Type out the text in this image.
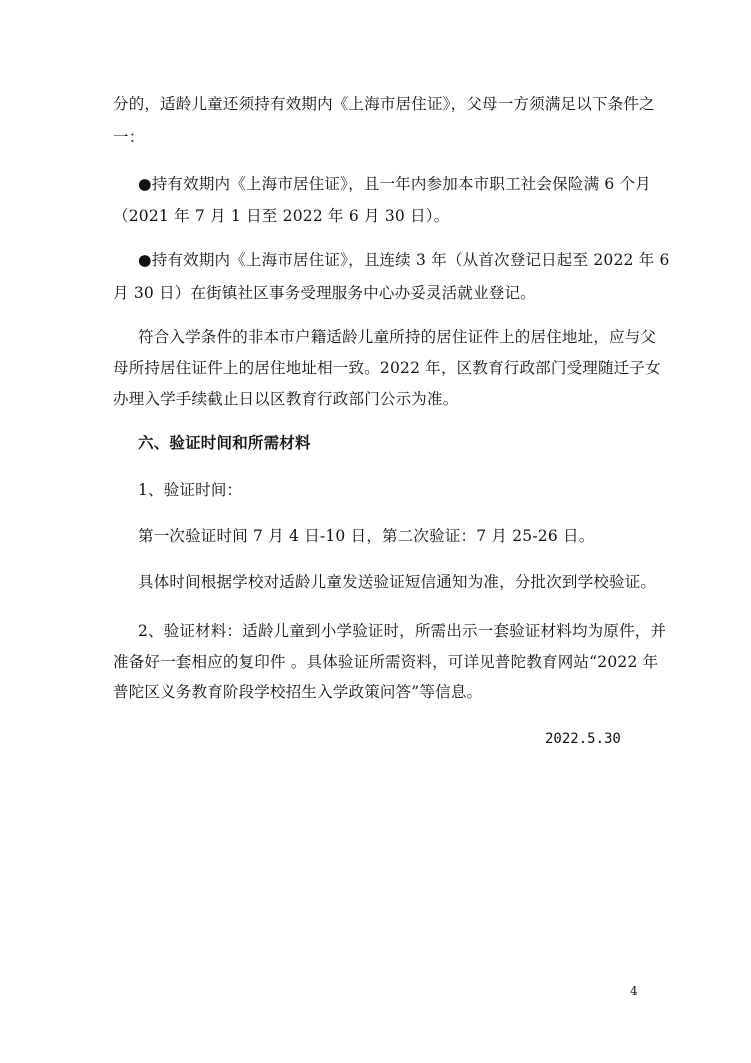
分的，适龄儿童还须持有效期内《上海市居住证》，父母一方须满足以下条件之
一：
●持有效期内《上海市居住证》，且一年内参加本市职工社会保险满 6 个月
（2021 年 7 月 1 日至 2022 年 6 月 30 日）。
●持有效期内《上海市居住证》，且连续 3 年（从首次登记日起至 2022 年 6
月 30 日）在街镇社区事务受理服务中心办妥灵活就业登记。
符合入学条件的非本市户籍适龄儿童所持的居住证件上的居住地址，应与父
母所持居住证件上的居住地址相一致。2022 年，区教育行政部门受理随迁子女
办理入学手续截止日以区教育行政部门公示为准。
六、验证时间和所需材料
1、验证时间：
第一次验证时间 7 月 4 日-10 日，第二次验证：7 月 25-26 日。
具体时间根据学校对适龄儿童发送验证短信通知为准，分批次到学校验证。
2、验证材料：适龄儿童到小学验证时，所需出示一套验证材料均为原件，并
准备好一套相应的复印件 。具体验证所需资料，可详见普陀教育网站“2022 年
普陀区义务教育阶段学校招生入学政策问答”等信息。
2022.5.30
4
